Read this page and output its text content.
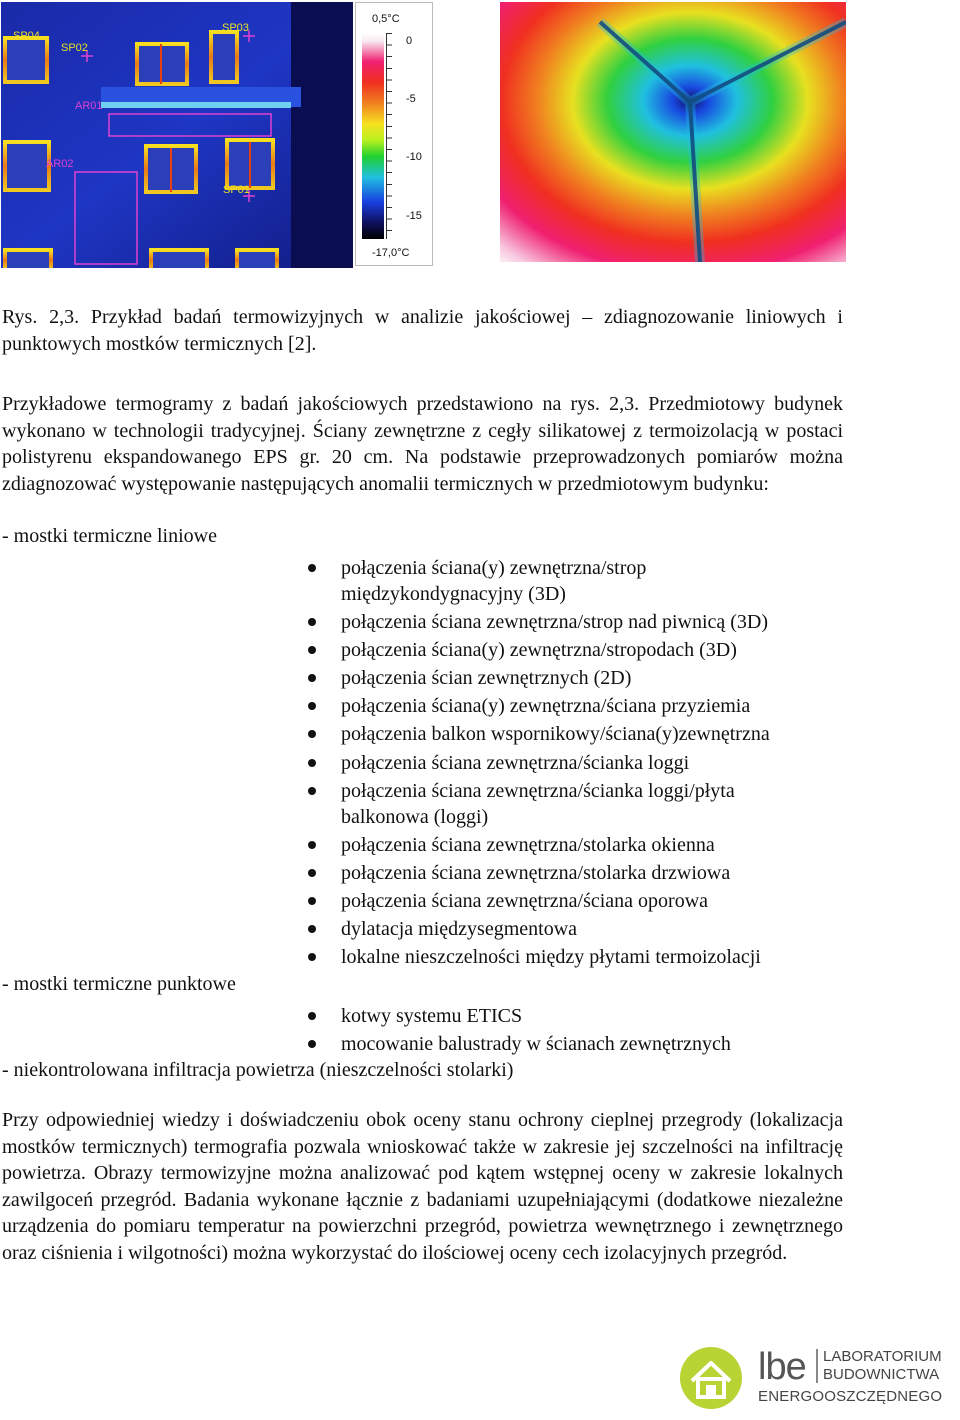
SP04
SP02
SP03
AR01
AR02
SP01
0,5°C
0
-5
-10
-15
-17,0°C
Rys. 2,3. Przykład badań termowizyjnych w analizie jakościowej – zdiagnozowanie liniowych i punktowych mostków termicznych [2].
Przykładowe termogramy z badań jakościowych przedstawiono na rys. 2,3. Przedmiotowy budynek wykonano w technologii tradycyjnej. Ściany zewnętrzne z cegły silikatowej z termoizolacją w postaci polistyrenu ekspandowanego EPS gr. 20 cm. Na podstawie przeprowadzonych pomiarów można zdiagnozować występowanie następujących anomalii termicznych w przedmiotowym budynku:
- mostki termiczne liniowe
połączenia ściana(y) zewnętrzna/strop
międzykondygnacyjny (3D)
połączenia ściana zewnętrzna/strop nad piwnicą (3D)
połączenia ściana(y) zewnętrzna/stropodach (3D)
połączenia ścian zewnętrznych (2D)
połączenia ściana(y) zewnętrzna/ściana przyziemia
połączenia balkon wspornikowy/ściana(y)zewnętrzna
połączenia ściana zewnętrzna/ścianka loggi
połączenia ściana zewnętrzna/ścianka loggi/płyta
balkonowa (loggi)
połączenia ściana zewnętrzna/stolarka okienna
połączenia ściana zewnętrzna/stolarka drzwiowa
połączenia ściana zewnętrzna/ściana oporowa
dylatacja międzysegmentowa
lokalne nieszczelności między płytami termoizolacji
- mostki termiczne punktowe
kotwy systemu ETICS
mocowanie balustrady w ścianach zewnętrznych
- niekontrolowana infiltracja powietrza (nieszczelności stolarki)
Przy odpowiedniej wiedzy i doświadczeniu obok oceny stanu ochrony cieplnej przegrody (lokalizacja mostków termicznych) termografia pozwala wnioskować także w zakresie jej szczelności na infiltrację powietrza. Obrazy termowizyjne można analizować pod kątem wstępnej oceny w zakresie lokalnych zawilgoceń przegród. Badania wykonane łącznie z badaniami uzupełniającymi (dodatkowe niezależne urządzenia do pomiaru temperatur na powierzchni przegród, powietrza wewnętrznego i zewnętrznego oraz ciśnienia i wilgotności) można wykorzystać do ilościowej oceny cech izolacyjnych przegród.
lbe LABORATORIUM
BUDOWNICTWA
ENERGOOSZCZĘDNEGO
